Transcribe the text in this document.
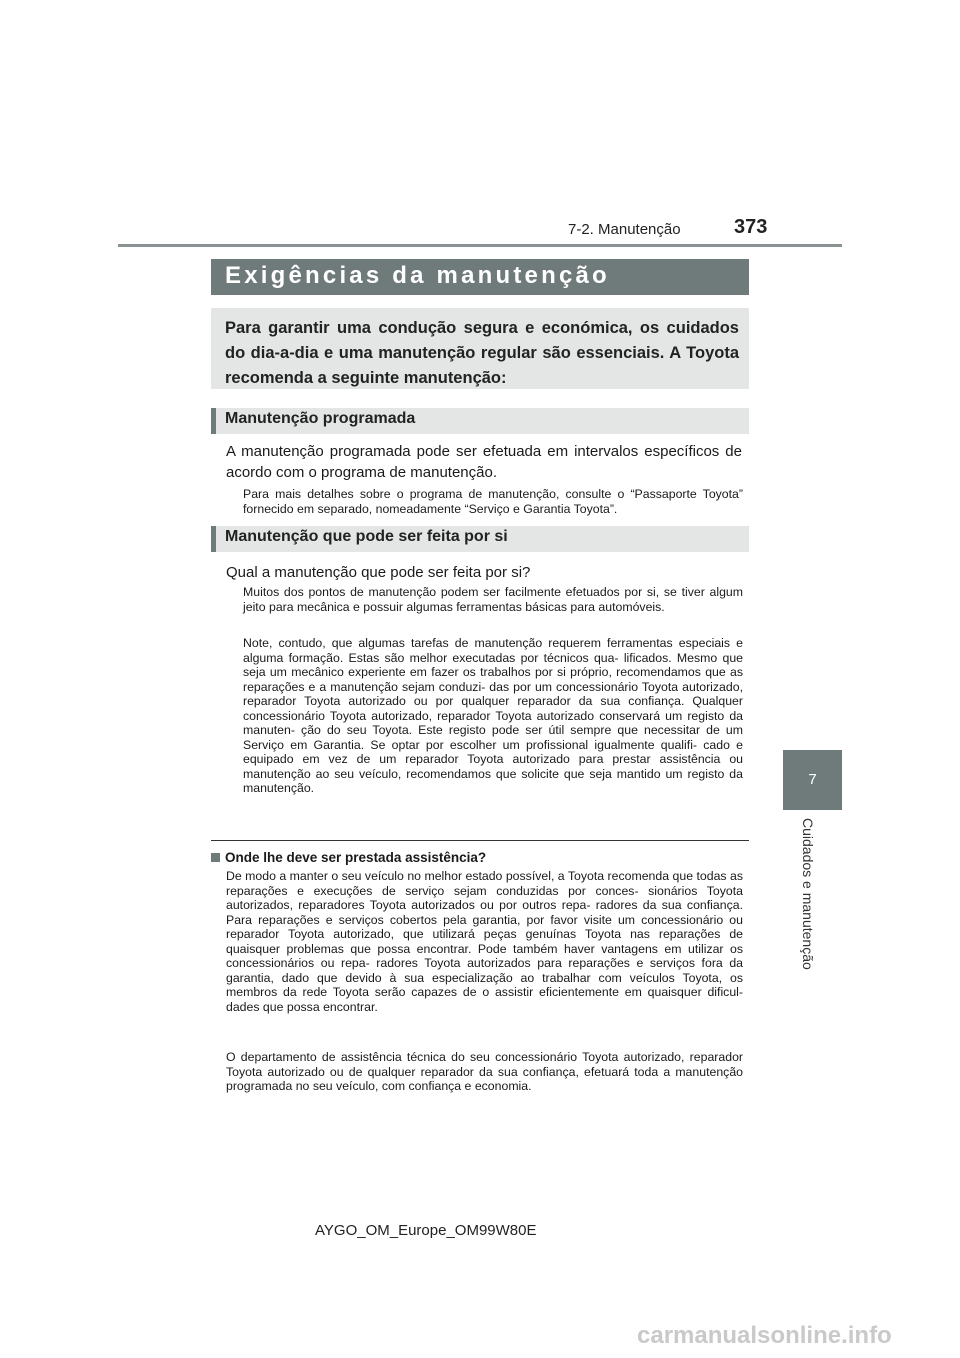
7-2. Manutenção	373
7
Cuidados e manutenção
Exigências da manutenção

Para garantir uma condução segura e económica, os cuidados do dia-a-dia e uma manutenção regular são essenciais. A Toyota recomenda a seguinte manutenção:

Manutenção programada

A manutenção programada pode ser efetuada em intervalos específicos de acordo com o programa de manutenção.

Para mais detalhes sobre o programa de manutenção, consulte o “Passaporte Toyota” fornecido em separado, nomeadamente “Serviço e Garantia Toyota”.

Manutenção que pode ser feita por si

Qual a manutenção que pode ser feita por si?

Muitos dos pontos de manutenção podem ser facilmente efetuados por si, se tiver algum jeito para mecânica e possuir algumas ferramentas básicas para automóveis.

Note, contudo, que algumas tarefas de manutenção requerem ferramentas especiais e alguma formação. Estas são melhor executadas por técnicos qua- lificados. Mesmo que seja um mecânico experiente em fazer os trabalhos por si próprio, recomendamos que as reparações e a manutenção sejam conduzi- das por um concessionário Toyota autorizado, reparador Toyota autorizado ou por qualquer reparador da sua confiança. Qualquer concessionário Toyota autorizado, reparador Toyota autorizado conservará um registo da manuten- ção do seu Toyota. Este registo pode ser útil sempre que necessitar de um Serviço em Garantia. Se optar por escolher um profissional igualmente qualifi- cado e equipado em vez de um reparador Toyota autorizado para prestar assistência ou manutenção ao seu veículo, recomendamos que solicite que seja mantido um registo da manutenção.

Onde lhe deve ser prestada assistência?

De modo a manter o seu veículo no melhor estado possível, a Toyota recomenda que todas as reparações e execuções de serviço sejam conduzidas por conces- sionários Toyota autorizados, reparadores Toyota autorizados ou por outros repa- radores da sua confiança. Para reparações e serviços cobertos pela garantia, por favor visite um concessionário ou reparador Toyota autorizado, que utilizará peças genuínas Toyota nas reparações de quaisquer problemas que possa encontrar. Pode também haver vantagens em utilizar os concessionários ou repa- radores Toyota autorizados para reparações e serviços fora da garantia, dado que devido à sua especialização ao trabalhar com veículos Toyota, os membros da rede Toyota serão capazes de o assistir eficientemente em quaisquer dificul- dades que possa encontrar.

O departamento de assistência técnica do seu concessionário Toyota autorizado, reparador Toyota autorizado ou de qualquer reparador da sua confiança, efetuará toda a manutenção programada no seu veículo, com confiança e economia.

AYGO_OM_Europe_OM99W80E
carmanualsonline.info
